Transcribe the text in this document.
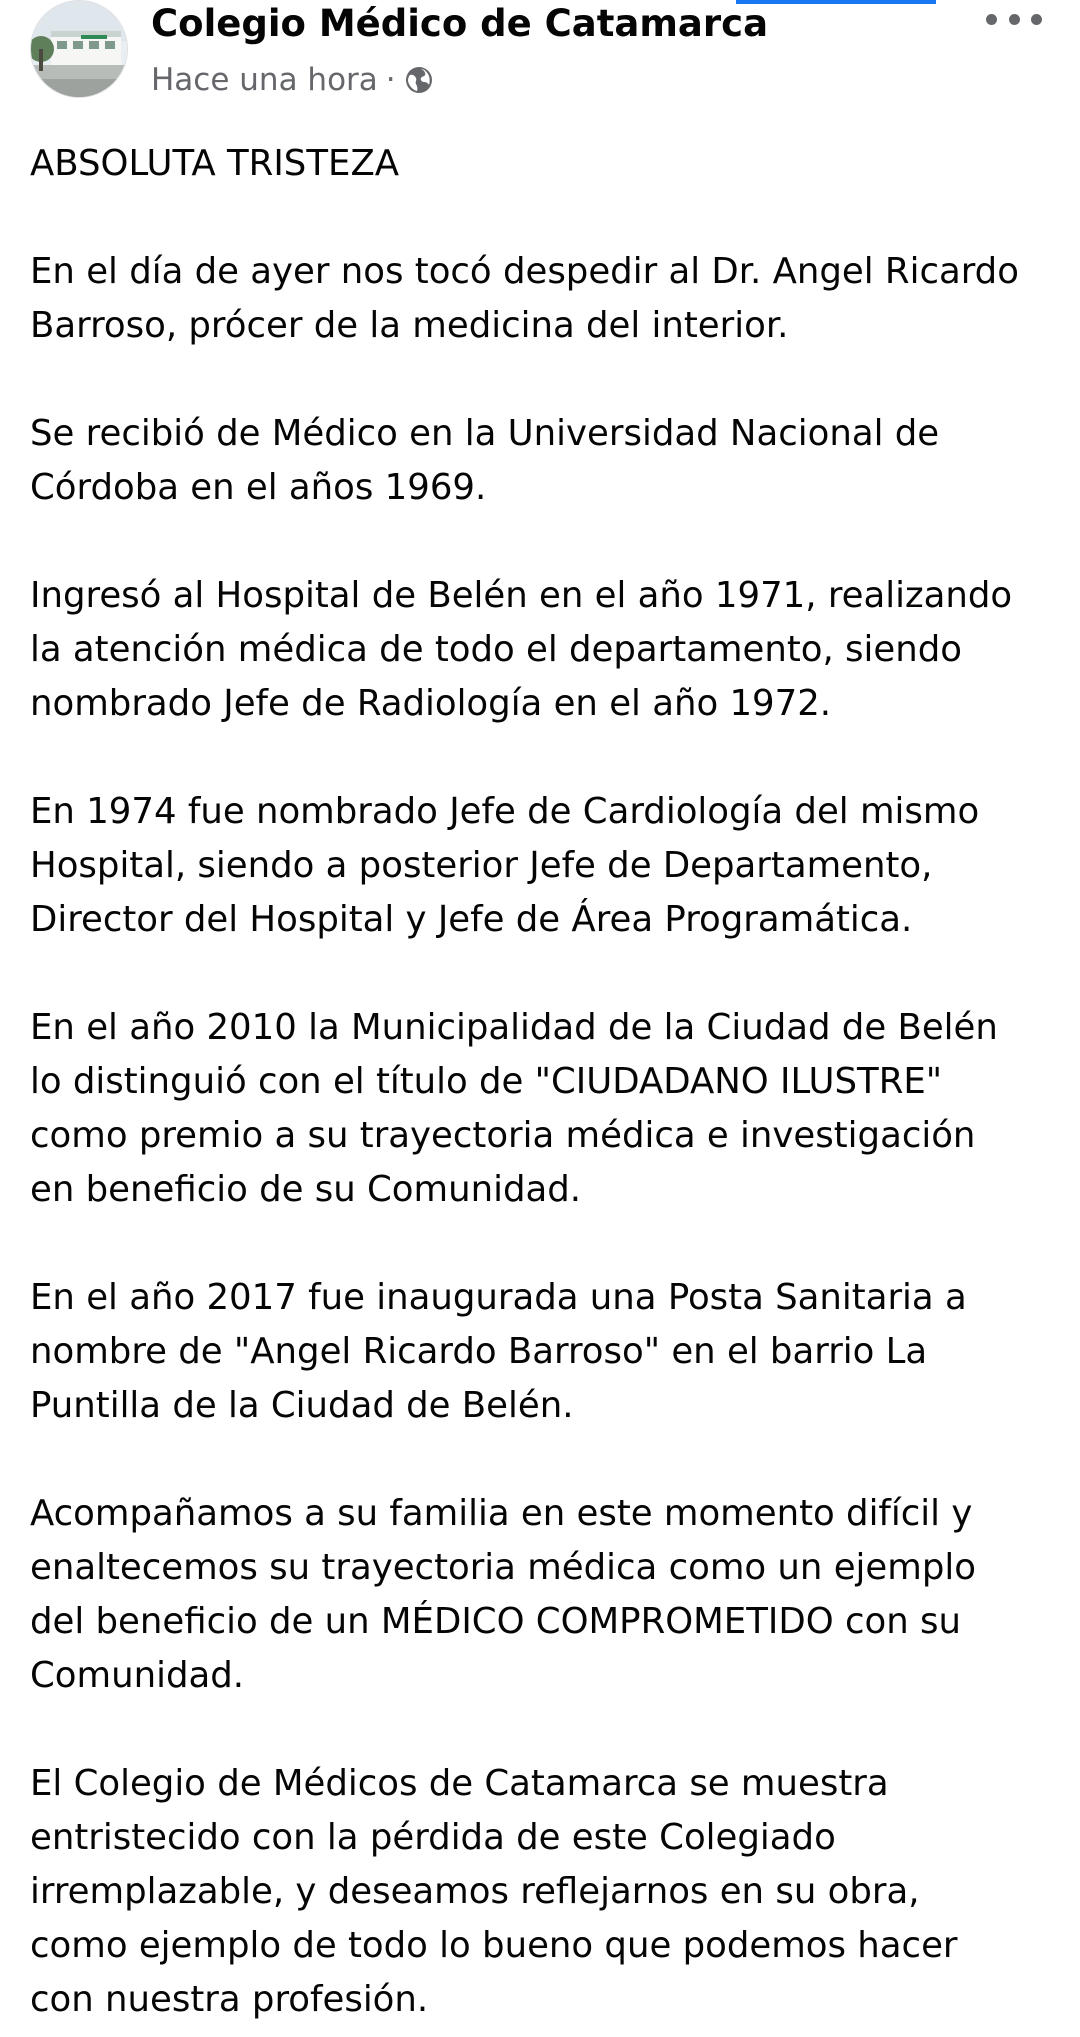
Colegio Médico de Catamarca
Hace una hora ·

ABSOLUTA TRISTEZA

En el día de ayer nos tocó despedir al Dr. Angel Ricardo
Barroso, prócer de la medicina del interior.

Se recibió de Médico en la Universidad Nacional de
Córdoba en el años 1969.

Ingresó al Hospital de Belén en el año 1971, realizando
la atención médica de todo el departamento, siendo
nombrado Jefe de Radiología en el año 1972.

En 1974 fue nombrado Jefe de Cardiología del mismo
Hospital, siendo a posterior Jefe de Departamento,
Director del Hospital y Jefe de Área Programática.

En el año 2010 la Municipalidad de la Ciudad de Belén
lo distinguió con el título de "CIUDADANO ILUSTRE"
como premio a su trayectoria médica e investigación
en beneficio de su Comunidad.

En el año 2017 fue inaugurada una Posta Sanitaria a
nombre de "Angel Ricardo Barroso" en el barrio La
Puntilla de la Ciudad de Belén.

Acompañamos a su familia en este momento difícil y
enaltecemos su trayectoria médica como un ejemplo
del beneficio de un MÉDICO COMPROMETIDO con su
Comunidad.

El Colegio de Médicos de Catamarca se muestra
entristecido con la pérdida de este Colegiado
irremplazable, y deseamos reflejarnos en su obra,
como ejemplo de todo lo bueno que podemos hacer
con nuestra profesión.
